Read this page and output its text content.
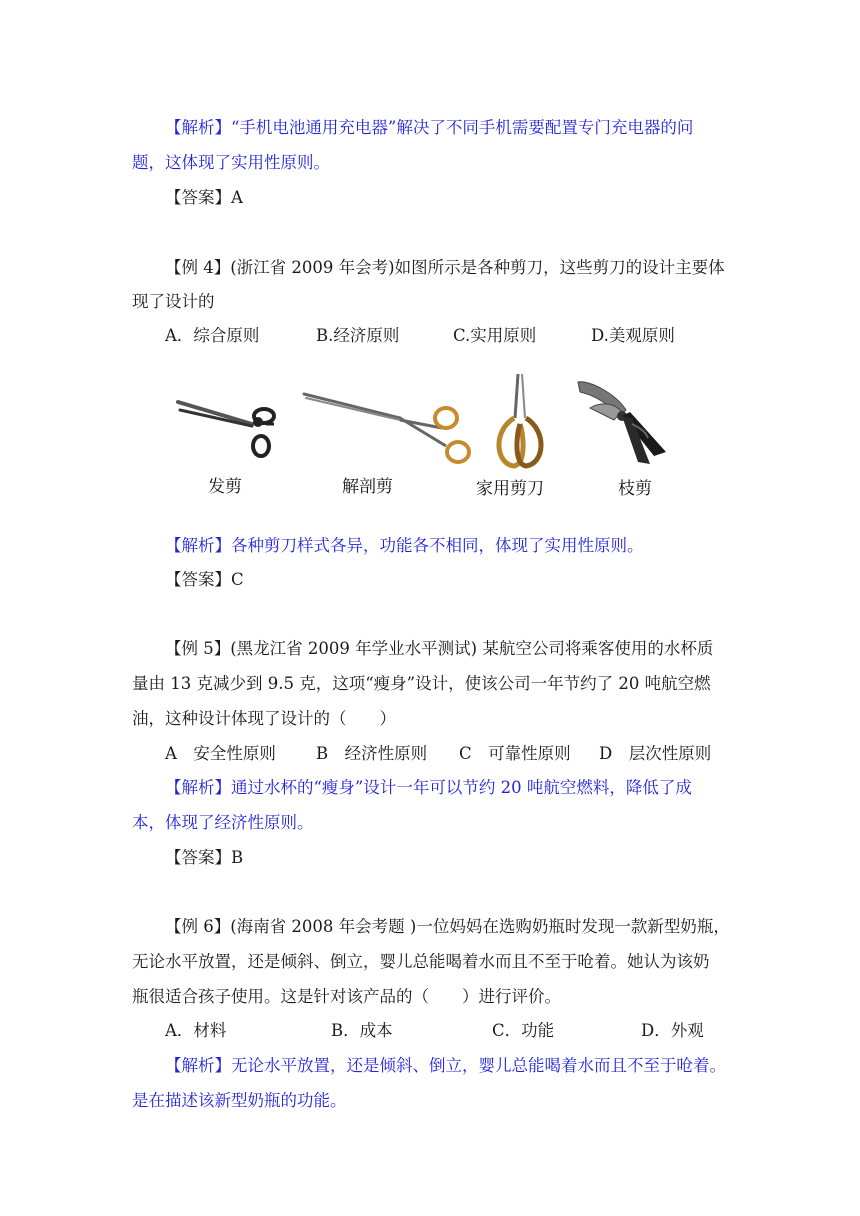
【解析】“手机电池通用充电器”解决了不同手机需要配置专门充电器的问
题，这体现了实用性原则。
【答案】A
【例 4】(浙江省 2009 年会考)如图所示是各种剪刀，这些剪刀的设计主要体
现了设计的
A．综合原则	B.经济原则	C.实用原则	D.美观原则
发剪	解剖剪	家用剪刀	枝剪
【解析】各种剪刀样式各异，功能各不相同，体现了实用性原则。
【答案】C
【例 5】(黑龙江省 2009 年学业水平测试) 某航空公司将乘客使用的水杯质
量由 13 克减少到 9.5 克，这项“瘦身”设计，使该公司一年节约了 20 吨航空燃
油，这种设计体现了设计的（　　）
A　安全性原则 B　经济性原则 C　可靠性原则 D　层次性原则
【解析】通过水杯的“瘦身”设计一年可以节约 20 吨航空燃料，降低了成
本，体现了经济性原则。
【答案】B
【例 6】(海南省 2008 年会考题 )一位妈妈在选购奶瓶时发现一款新型奶瓶，
无论水平放置，还是倾斜、倒立，婴儿总能喝着水而且不至于呛着。她认为该奶
瓶很适合孩子使用。这是针对该产品的（　　）进行评价。
A．材料	B．成本	C．功能	D．外观
【解析】无论水平放置，还是倾斜、倒立，婴儿总能喝着水而且不至于呛着。
是在描述该新型奶瓶的功能。
